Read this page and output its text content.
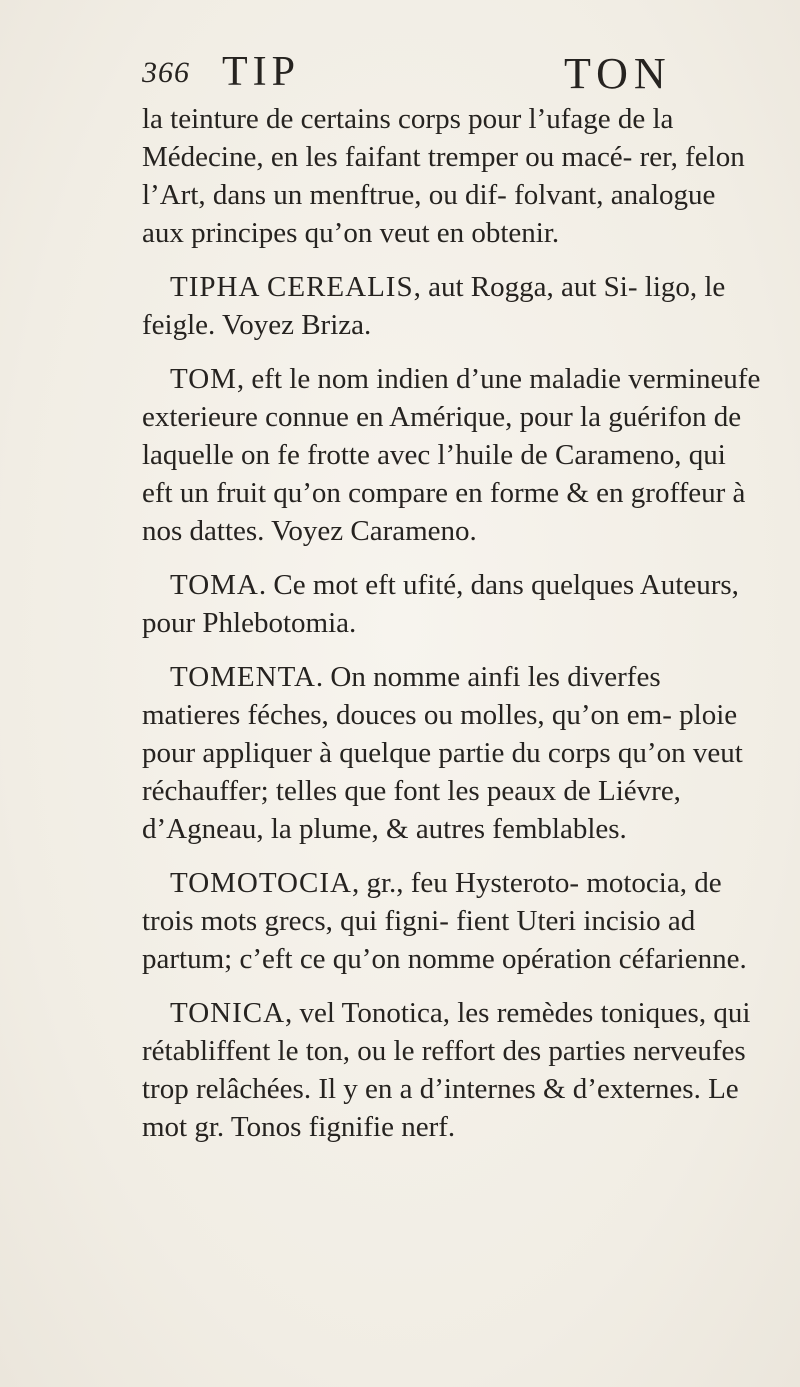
366 TIP	TON

la teinture de certains corps pour l’ufage de la Médecine, en les faifant tremper ou macé- rer, felon l’Art, dans un menftrue, ou dif- folvant, analogue aux principes qu’on veut en obtenir.

TIPHA CEREALIS, aut Rogga, aut Si- ligo, le feigle. Voyez Briza.

TOM, eft le nom indien d’une maladie vermineufe exterieure connue en Amérique, pour la guérifon de laquelle on fe frotte avec l’huile de Carameno, qui eft un fruit qu’on compare en forme & en groffeur à nos dattes. Voyez Carameno.

TOMA. Ce mot eft ufité, dans quelques Auteurs, pour Phlebotomia.

TOMENTA. On nomme ainfi les diverfes matieres féches, douces ou molles, qu’on em- ploie pour appliquer à quelque partie du corps qu’on veut réchauffer; telles que font les peaux de Liévre, d’Agneau, la plume, & autres femblables.

TOMOTOCIA, gr., feu Hysteroto- motocia, de trois mots grecs, qui figni- fient Uteri incisio ad partum; c’eft ce qu’on nomme opération céfarienne.

TONICA, vel Tonotica, les remèdes toniques, qui rétabliffent le ton, ou le reffort des parties nerveufes trop relâchées. Il y en a d’internes & d’externes. Le mot gr. Tonos fignifie nerf.
